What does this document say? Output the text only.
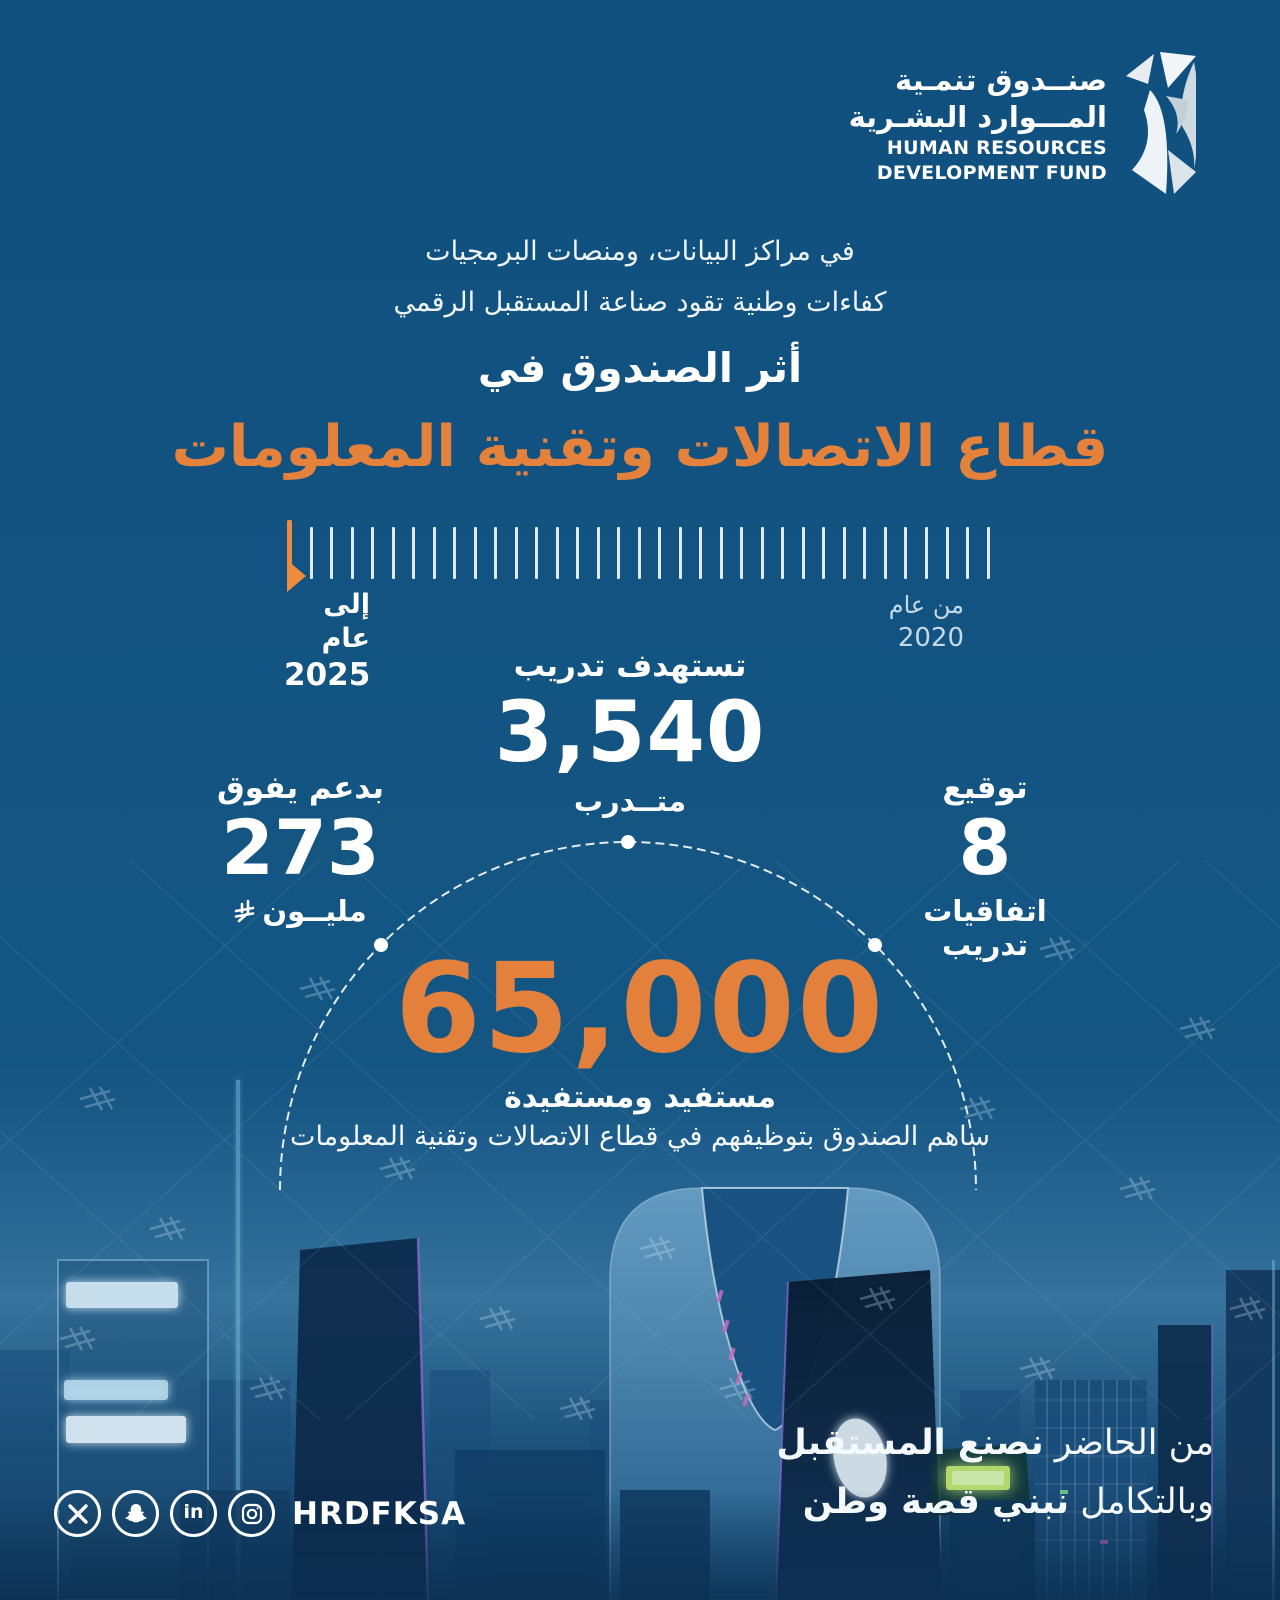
صنــدوق تنمـية
المـــوارد البشـرية
HUMAN RESOURCES
DEVELOPMENT FUND
في مراكز البيانات، ومنصات البرمجيات
كفاءات وطنية تقود صناعة المستقبل الرقمي
أثر الصندوق في
قطاع الاتصالات وتقنية المعلومات
إلى عام
2025
من عام
2020
تستهدف تدريب
3,540
متــدرب
بدعم يفوق
273
مليــون
توقيع
8
اتفاقيات تدريب
65,000
مستفيد ومستفيدة
ساهم الصندوق بتوظيفهم في قطاع الاتصالات وتقنية المعلومات
in	HRDFKSA
من الحاضر نصنع المستقبل
وبالتكامل نبني قصة وطن
